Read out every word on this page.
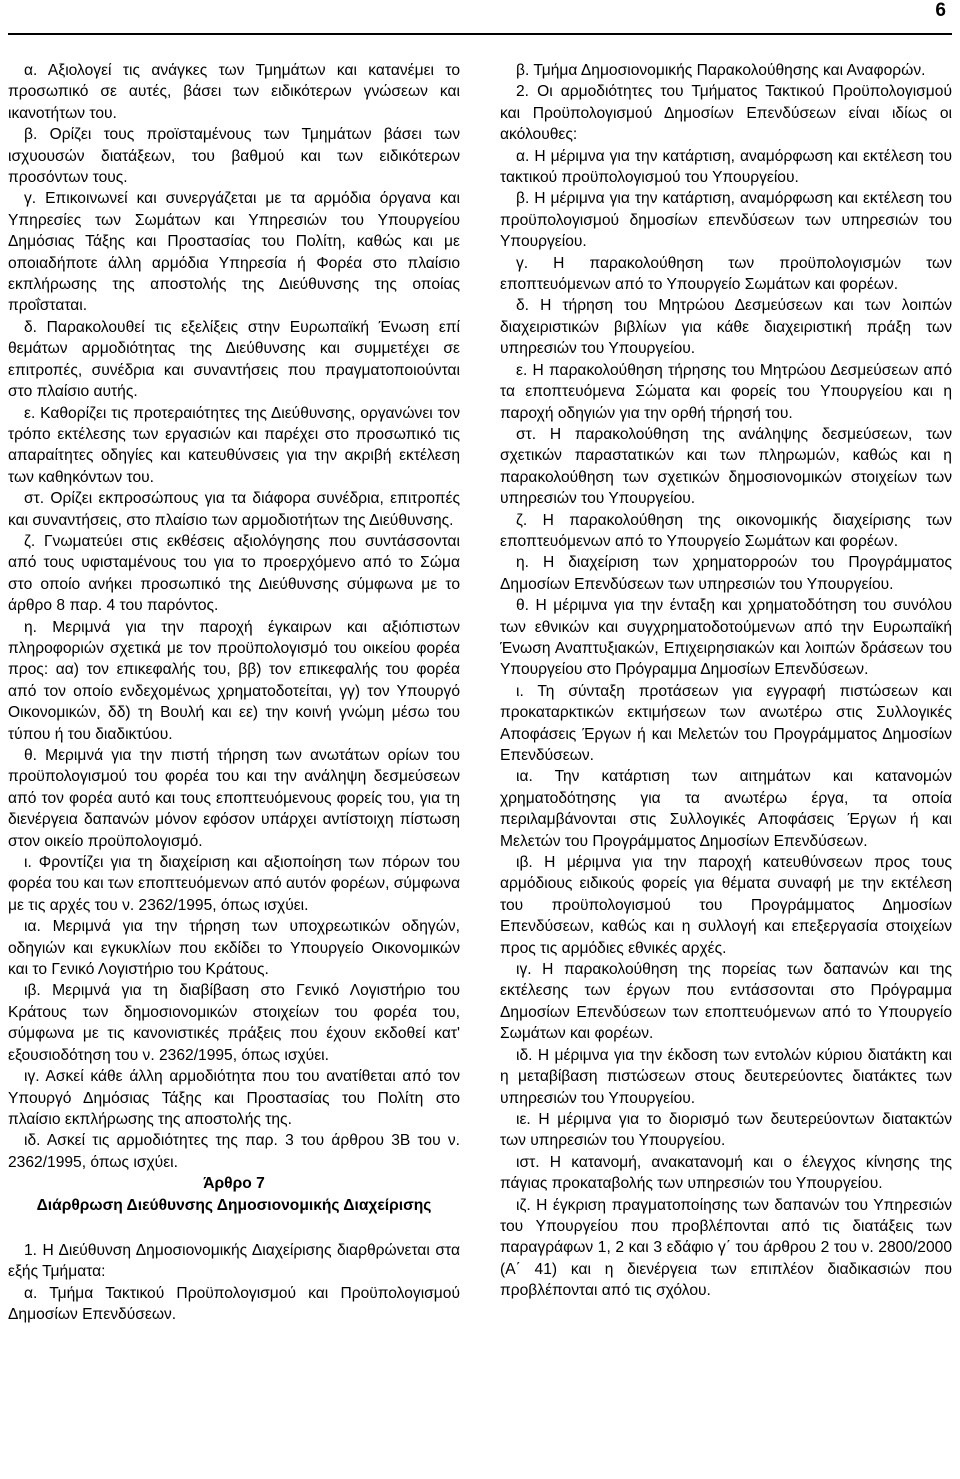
6

α. Αξιολογεί τις ανάγκες των Τμημάτων και κατανέμει το προσωπικό σε αυτές, βάσει των ειδικότερων γνώσεων και ικανοτήτων του.

β. Ορίζει τους προϊσταμένους των Τμημάτων βάσει των ισχυουσών διατάξεων, του βαθμού και των ειδικότερων προσόντων τους.

γ. Επικοινωνεί και συνεργάζεται με τα αρμόδια όργανα και Υπηρεσίες των Σωμάτων και Υπηρεσιών του Υπουργείου Δημόσιας Τάξης και Προστασίας του Πολίτη, καθώς και με οποιαδήποτε άλλη αρμόδια Υπηρεσία ή Φορέα στο πλαίσιο εκπλήρωσης της αποστολής της Διεύθυνσης της οποίας προΐσταται.

δ. Παρακολουθεί τις εξελίξεις στην Ευρωπαϊκή Ένωση επί θεμάτων αρμοδιότητας της Διεύθυνσης και συμμετέχει σε επιτροπές, συνέδρια και συναντήσεις που πραγματοποιούνται στο πλαίσιο αυτής.

ε. Καθορίζει τις προτεραιότητες της Διεύθυνσης, οργανώνει τον τρόπο εκτέλεσης των εργασιών και παρέχει στο προσωπικό τις απαραίτητες οδηγίες και κατευθύνσεις για την ακριβή εκτέλεση των καθηκόντων του.

στ. Ορίζει εκπροσώπους για τα διάφορα συνέδρια, επιτροπές και συναντήσεις, στο πλαίσιο των αρμοδιοτήτων της Διεύθυνσης.

ζ. Γνωματεύει στις εκθέσεις αξιολόγησης που συντάσσονται από τους υφισταμένους του για το προερχόμενο από το Σώμα στο οποίο ανήκει προσωπικό της Διεύθυνσης σύμφωνα με το άρθρο 8 παρ. 4 του παρόντος.

η. Μεριμνά για την παροχή έγκαιρων και αξιόπιστων πληροφοριών σχετικά με τον προϋπολογισμό του οικείου φορέα προς: αα) τον επικεφαλής του, ββ) τον επικεφαλής του φορέα από τον οποίο ενδεχομένως χρηματοδοτείται, γγ) τον Υπουργό Οικονομικών, δδ) τη Βουλή και εε) την κοινή γνώμη μέσω του τύπου ή του διαδικτύου.

θ. Μεριμνά για την πιστή τήρηση των ανωτάτων ορίων του προϋπολογισμού του φορέα του και την ανάληψη δεσμεύσεων από τον φορέα αυτό και τους εποπτευόμενους φορείς του, για τη διενέργεια δαπανών μόνον εφόσον υπάρχει αντίστοιχη πίστωση στον οικείο προϋπολογισμό.

ι. Φροντίζει για τη διαχείριση και αξιοποίηση των πόρων του φορέα του και των εποπτευόμενων από αυτόν φορέων, σύμφωνα με τις αρχές του ν. 2362/1995, όπως ισχύει.

ια. Μεριμνά για την τήρηση των υποχρεωτικών οδηγών, οδηγιών και εγκυκλίων που εκδίδει το Υπουργείο Οικονομικών και το Γενικό Λογιστήριο του Κράτους.

ιβ. Μεριμνά για τη διαβίβαση στο Γενικό Λογιστήριο του Κράτους των δημοσιονομικών στοιχείων του φορέα του, σύμφωνα με τις κανονιστικές πράξεις που έχουν εκδοθεί κατ' εξουσιοδότηση του ν. 2362/1995, όπως ισχύει.

ιγ. Ασκεί κάθε άλλη αρμοδιότητα που του ανατίθεται από τον Υπουργό Δημόσιας Τάξης και Προστασίας του Πολίτη στο πλαίσιο εκπλήρωσης της αποστολής της.

ιδ. Ασκεί τις αρμοδιότητες της παρ. 3 του άρθρου 3Β του ν. 2362/1995, όπως ισχύει.

Άρθρο 7

Διάρθρωση Διεύθυνσης Δημοσιονομικής Διαχείρισης

1. Η Διεύθυνση Δημοσιονομικής Διαχείρισης διαρθρώνεται στα εξής Τμήματα:

α. Τμήμα Τακτικού Προϋπολογισμού και Προϋπολογισμού Δημοσίων Επενδύσεων.

β. Τμήμα Δημοσιονομικής Παρακολούθησης και Αναφορών.

2. Οι αρμοδιότητες του Τμήματος Τακτικού Προϋπολογισμού και Προϋπολογισμού Δημοσίων Επενδύσεων είναι ιδίως οι ακόλουθες:

α. Η μέριμνα για την κατάρτιση, αναμόρφωση και εκτέλεση του τακτικού προϋπολογισμού του Υπουργείου.

β. Η μέριμνα για την κατάρτιση, αναμόρφωση και εκτέλεση του προϋπολογισμού δημοσίων επενδύσεων των υπηρεσιών του Υπουργείου.

γ. Η παρακολούθηση των προϋπολογισμών των εποπτευόμενων από το Υπουργείο Σωμάτων και φορέων.

δ. Η τήρηση του Μητρώου Δεσμεύσεων και των λοιπών διαχειριστικών βιβλίων για κάθε διαχειριστική πράξη των υπηρεσιών του Υπουργείου.

ε. Η παρακολούθηση τήρησης του Μητρώου Δεσμεύσεων από τα εποπτευόμενα Σώματα και φορείς του Υπουργείου και η παροχή οδηγιών για την ορθή τήρησή του.

στ. Η παρακολούθηση της ανάληψης δεσμεύσεων, των σχετικών παραστατικών και των πληρωμών, καθώς και η παρακολούθηση των σχετικών δημοσιονομικών στοιχείων των υπηρεσιών του Υπουργείου.

ζ. Η παρακολούθηση της οικονομικής διαχείρισης των εποπτευόμενων από το Υπουργείο Σωμάτων και φορέων.

η. Η διαχείριση των χρηματορροών του Προγράμματος Δημοσίων Επενδύσεων των υπηρεσιών του Υπουργείου.

θ. Η μέριμνα για την ένταξη και χρηματοδότηση του συνόλου των εθνικών και συγχρηματοδοτούμενων από την Ευρωπαϊκή Ένωση Αναπτυξιακών, Επιχειρησιακών και λοιπών δράσεων του Υπουργείου στο Πρόγραμμα Δημοσίων Επενδύσεων.

ι. Τη σύνταξη προτάσεων για εγγραφή πιστώσεων και προκαταρκτικών εκτιμήσεων των ανωτέρω στις Συλλογικές Αποφάσεις Έργων ή και Μελετών του Προγράμματος Δημοσίων Επενδύσεων.

ια. Την κατάρτιση των αιτημάτων και κατανομών χρηματοδότησης για τα ανωτέρω έργα, τα οποία περιλαμβάνονται στις Συλλογικές Αποφάσεις Έργων ή και Μελετών του Προγράμματος Δημοσίων Επενδύσεων.

ιβ. Η μέριμνα για την παροχή κατευθύνσεων προς τους αρμόδιους ειδικούς φορείς για θέματα συναφή με την εκτέλεση του προϋπολογισμού του Προγράμματος Δημοσίων Επενδύσεων, καθώς και η συλλογή και επεξεργασία στοιχείων προς τις αρμόδιες εθνικές αρχές.

ιγ. Η παρακολούθηση της πορείας των δαπανών και της εκτέλεσης των έργων που εντάσσονται στο Πρόγραμμα Δημοσίων Επενδύσεων των εποπτευόμενων από το Υπουργείο Σωμάτων και φορέων.

ιδ. Η μέριμνα για την έκδοση των εντολών κύριου διατάκτη και η μεταβίβαση πιστώσεων στους δευτερεύοντες διατάκτες των υπηρεσιών του Υπουργείου.

ιε. Η μέριμνα για το διορισμό των δευτερεύοντων διατακτών των υπηρεσιών του Υπουργείου.

ιστ. Η κατανομή, ανακατανομή και ο έλεγχος κίνησης της πάγιας προκαταβολής των υπηρεσιών του Υπουργείου.

ιζ. Η έγκριση πραγματοποίησης των δαπανών του Υπηρεσιών του Υπουργείου που προβλέπονται από τις διατάξεις των παραγράφων 1, 2 και 3 εδάφιο γ΄ του άρθρου 2 του ν. 2800/2000 (Α΄ 41) και η διενέργεια των επιπλέον διαδικασιών που προβλέπονται από τις σχόλου.
